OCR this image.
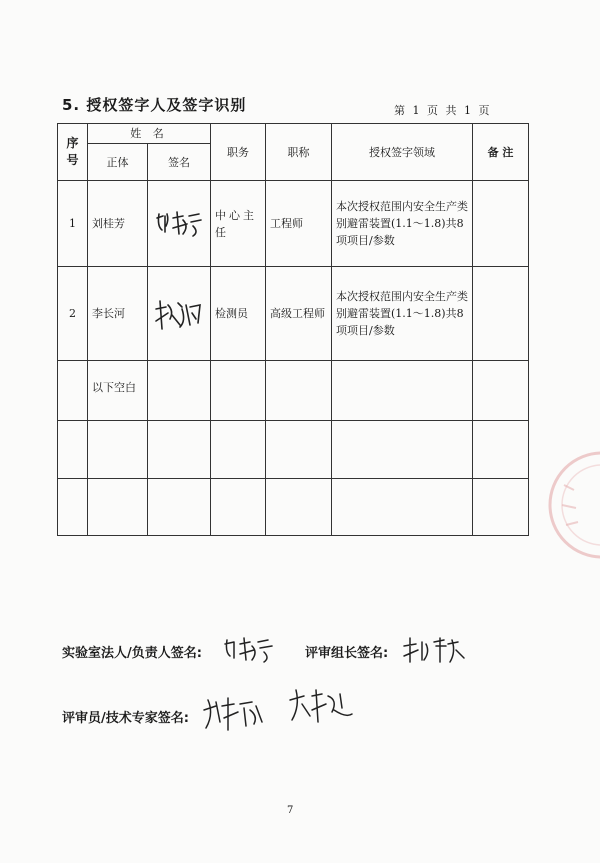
5. 授权签字人及签字识别	第 1 页 共 1 页
序号	姓 名		职务	职称	授权签字领域	备 注
	正体	签名				
1	刘桂芳		中心主任	工程师	本次授权范围内安全生产类别避雷装置(1.1～1.8)共8项项目/参数	
2	李长河		检测员	高级工程师	本次授权范围内安全生产类别避雷装置(1.1～1.8)共8项项目/参数	
	以下空白					

实验室法人/负责人签名:	评审组长签名:
评审员/技术专家签名:
7
